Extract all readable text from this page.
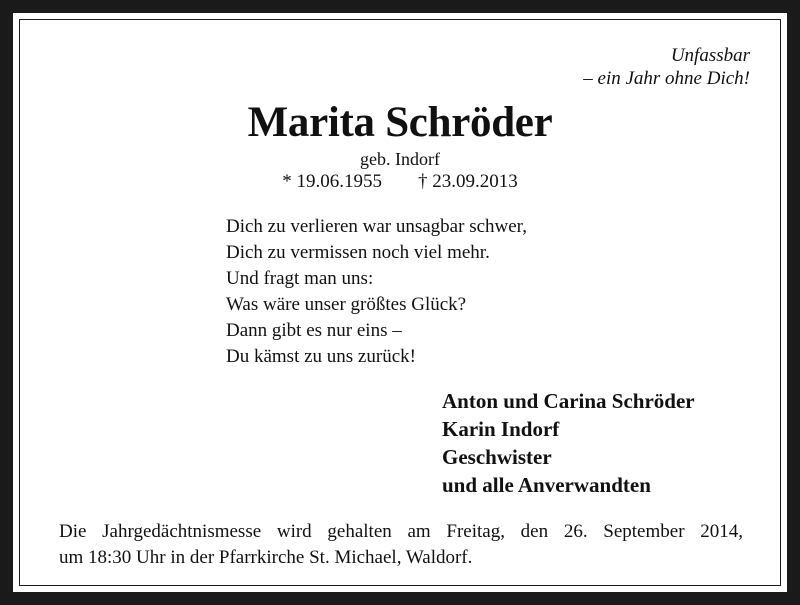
Unfassbar
– ein Jahr ohne Dich!
Marita Schröder
geb. Indorf
* 19.06.1955 † 23.09.2013
Dich zu verlieren war unsagbar schwer,
Dich zu vermissen noch viel mehr.
Und fragt man uns:
Was wäre unser größtes Glück?
Dann gibt es nur eins –
Du kämst zu uns zurück!
Anton und Carina Schröder
Karin Indorf
Geschwister
und alle Anverwandten
Die Jahrgedächtnismesse wird gehalten am Freitag, den 26. September 2014,
um 18:30 Uhr in der Pfarrkirche St. Michael, Waldorf.
